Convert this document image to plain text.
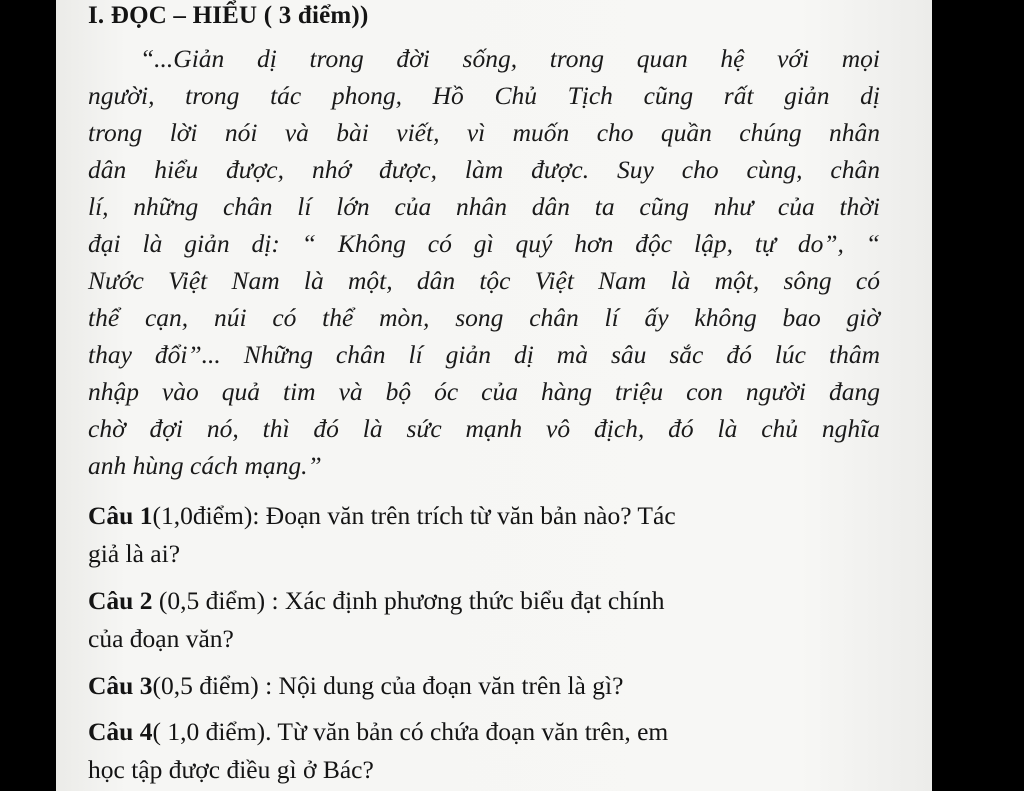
I. ĐỌC – HIỂU ( 3 điểm))
“...Giản dị trong đời sống, trong quan hệ với mọi
người, trong tác phong, Hồ Chủ Tịch cũng rất giản dị
trong lời nói và bài viết, vì muốn cho quần chúng nhân
dân hiểu được, nhớ được, làm được. Suy cho cùng, chân
lí, những chân lí lớn của nhân dân ta cũng như của thời
đại là giản dị: “ Không có gì quý hơn độc lập, tự do”, “
Nước Việt Nam là một, dân tộc Việt Nam là một, sông có
thể cạn, núi có thể mòn, song chân lí ấy không bao giờ
thay đổi”... Những chân lí giản dị mà sâu sắc đó lúc thâm
nhập vào quả tim và bộ óc của hàng triệu con người đang
chờ đợi nó, thì đó là sức mạnh vô địch, đó là chủ nghĩa
anh hùng cách mạng.”
Câu 1(1,0điểm): Đoạn văn trên trích từ văn bản nào? Tác
giả là ai?
Câu 2 (0,5 điểm) : Xác định phương thức biểu đạt chính
của đoạn văn?
Câu 3(0,5 điểm) : Nội dung của đoạn văn trên là gì?
Câu 4( 1,0 điểm). Từ văn bản có chứa đoạn văn trên, em
học tập được điều gì ở Bác?
